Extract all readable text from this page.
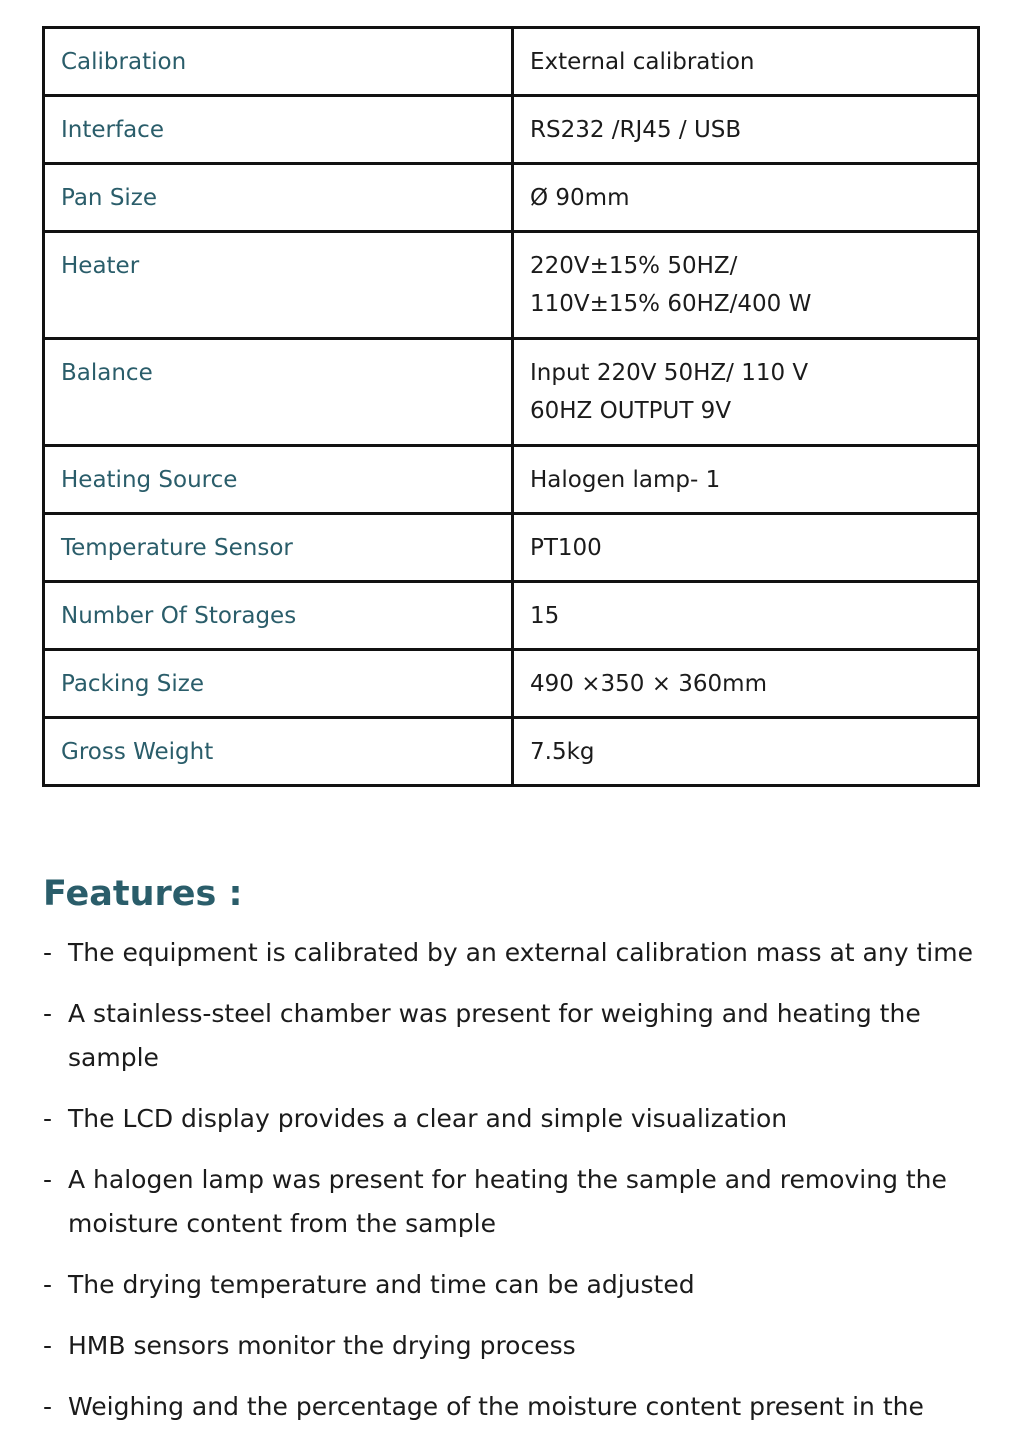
Calibration	External calibration
Interface	RS232 /RJ45 / USB
Pan Size	Ø 90mm
Heater	220V±15% 50HZ/ 110V±15% 60HZ/400 W
Balance	Input 220V 50HZ/ 110 V 60HZ OUTPUT 9V
Heating Source	Halogen lamp- 1
Temperature Sensor	PT100
Number Of Storages	15
Packing Size	490 ×350 × 360mm
Gross Weight	7.5kg
Features :
- The equipment is calibrated by an external calibration mass at any time
- A stainless-steel chamber was present for weighing and heating the sample
- The LCD display provides a clear and simple visualization
- A halogen lamp was present for heating the sample and removing the moisture content from the sample
- The drying temperature and time can be adjusted
- HMB sensors monitor the drying process
- Weighing and the percentage of the moisture content present in the
